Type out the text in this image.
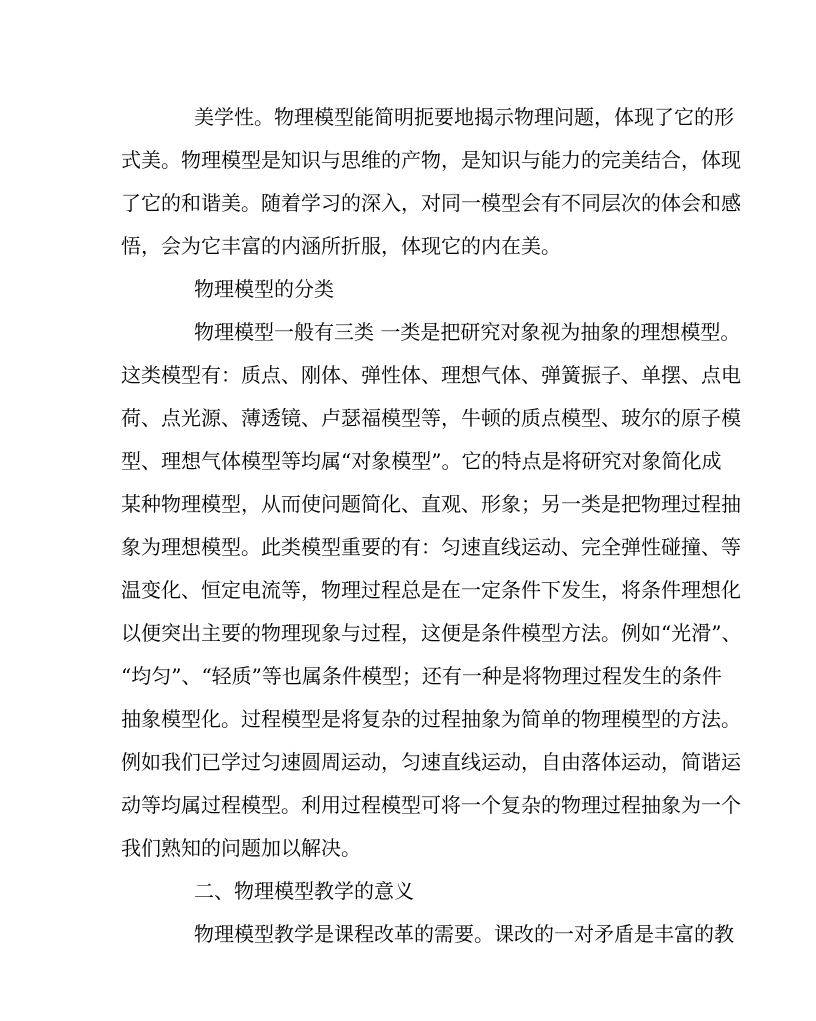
美学性。物理模型能简明扼要地揭示物理问题，体现了它的形
式美。物理模型是知识与思维的产物，是知识与能力的完美结合，体现
了它的和谐美。随着学习的深入，对同一模型会有不同层次的体会和感
悟，会为它丰富的内涵所折服，体现它的内在美。
物理模型的分类
物理模型一般有三类 一类是把研究对象视为抽象的理想模型。
这类模型有：质点、刚体、弹性体、理想气体、弹簧振子、单摆、点电
荷、点光源、薄透镜、卢瑟福模型等，牛顿的质点模型、玻尔的原子模
型、理想气体模型等均属“对象模型”。它的特点是将研究对象简化成
某种物理模型，从而使问题简化、直观、形象；另一类是把物理过程抽
象为理想模型。此类模型重要的有：匀速直线运动、完全弹性碰撞、等
温变化、恒定电流等，物理过程总是在一定条件下发生，将条件理想化
以便突出主要的物理现象与过程，这便是条件模型方法。例如“光滑”、
“均匀”、“轻质”等也属条件模型；还有一种是将物理过程发生的条件
抽象模型化。过程模型是将复杂的过程抽象为简单的物理模型的方法。
例如我们已学过匀速圆周运动，匀速直线运动，自由落体运动，简谐运
动等均属过程模型。利用过程模型可将一个复杂的物理过程抽象为一个
我们熟知的问题加以解决。
二、物理模型教学的意义
物理模型教学是课程改革的需要。课改的一对矛盾是丰富的教
